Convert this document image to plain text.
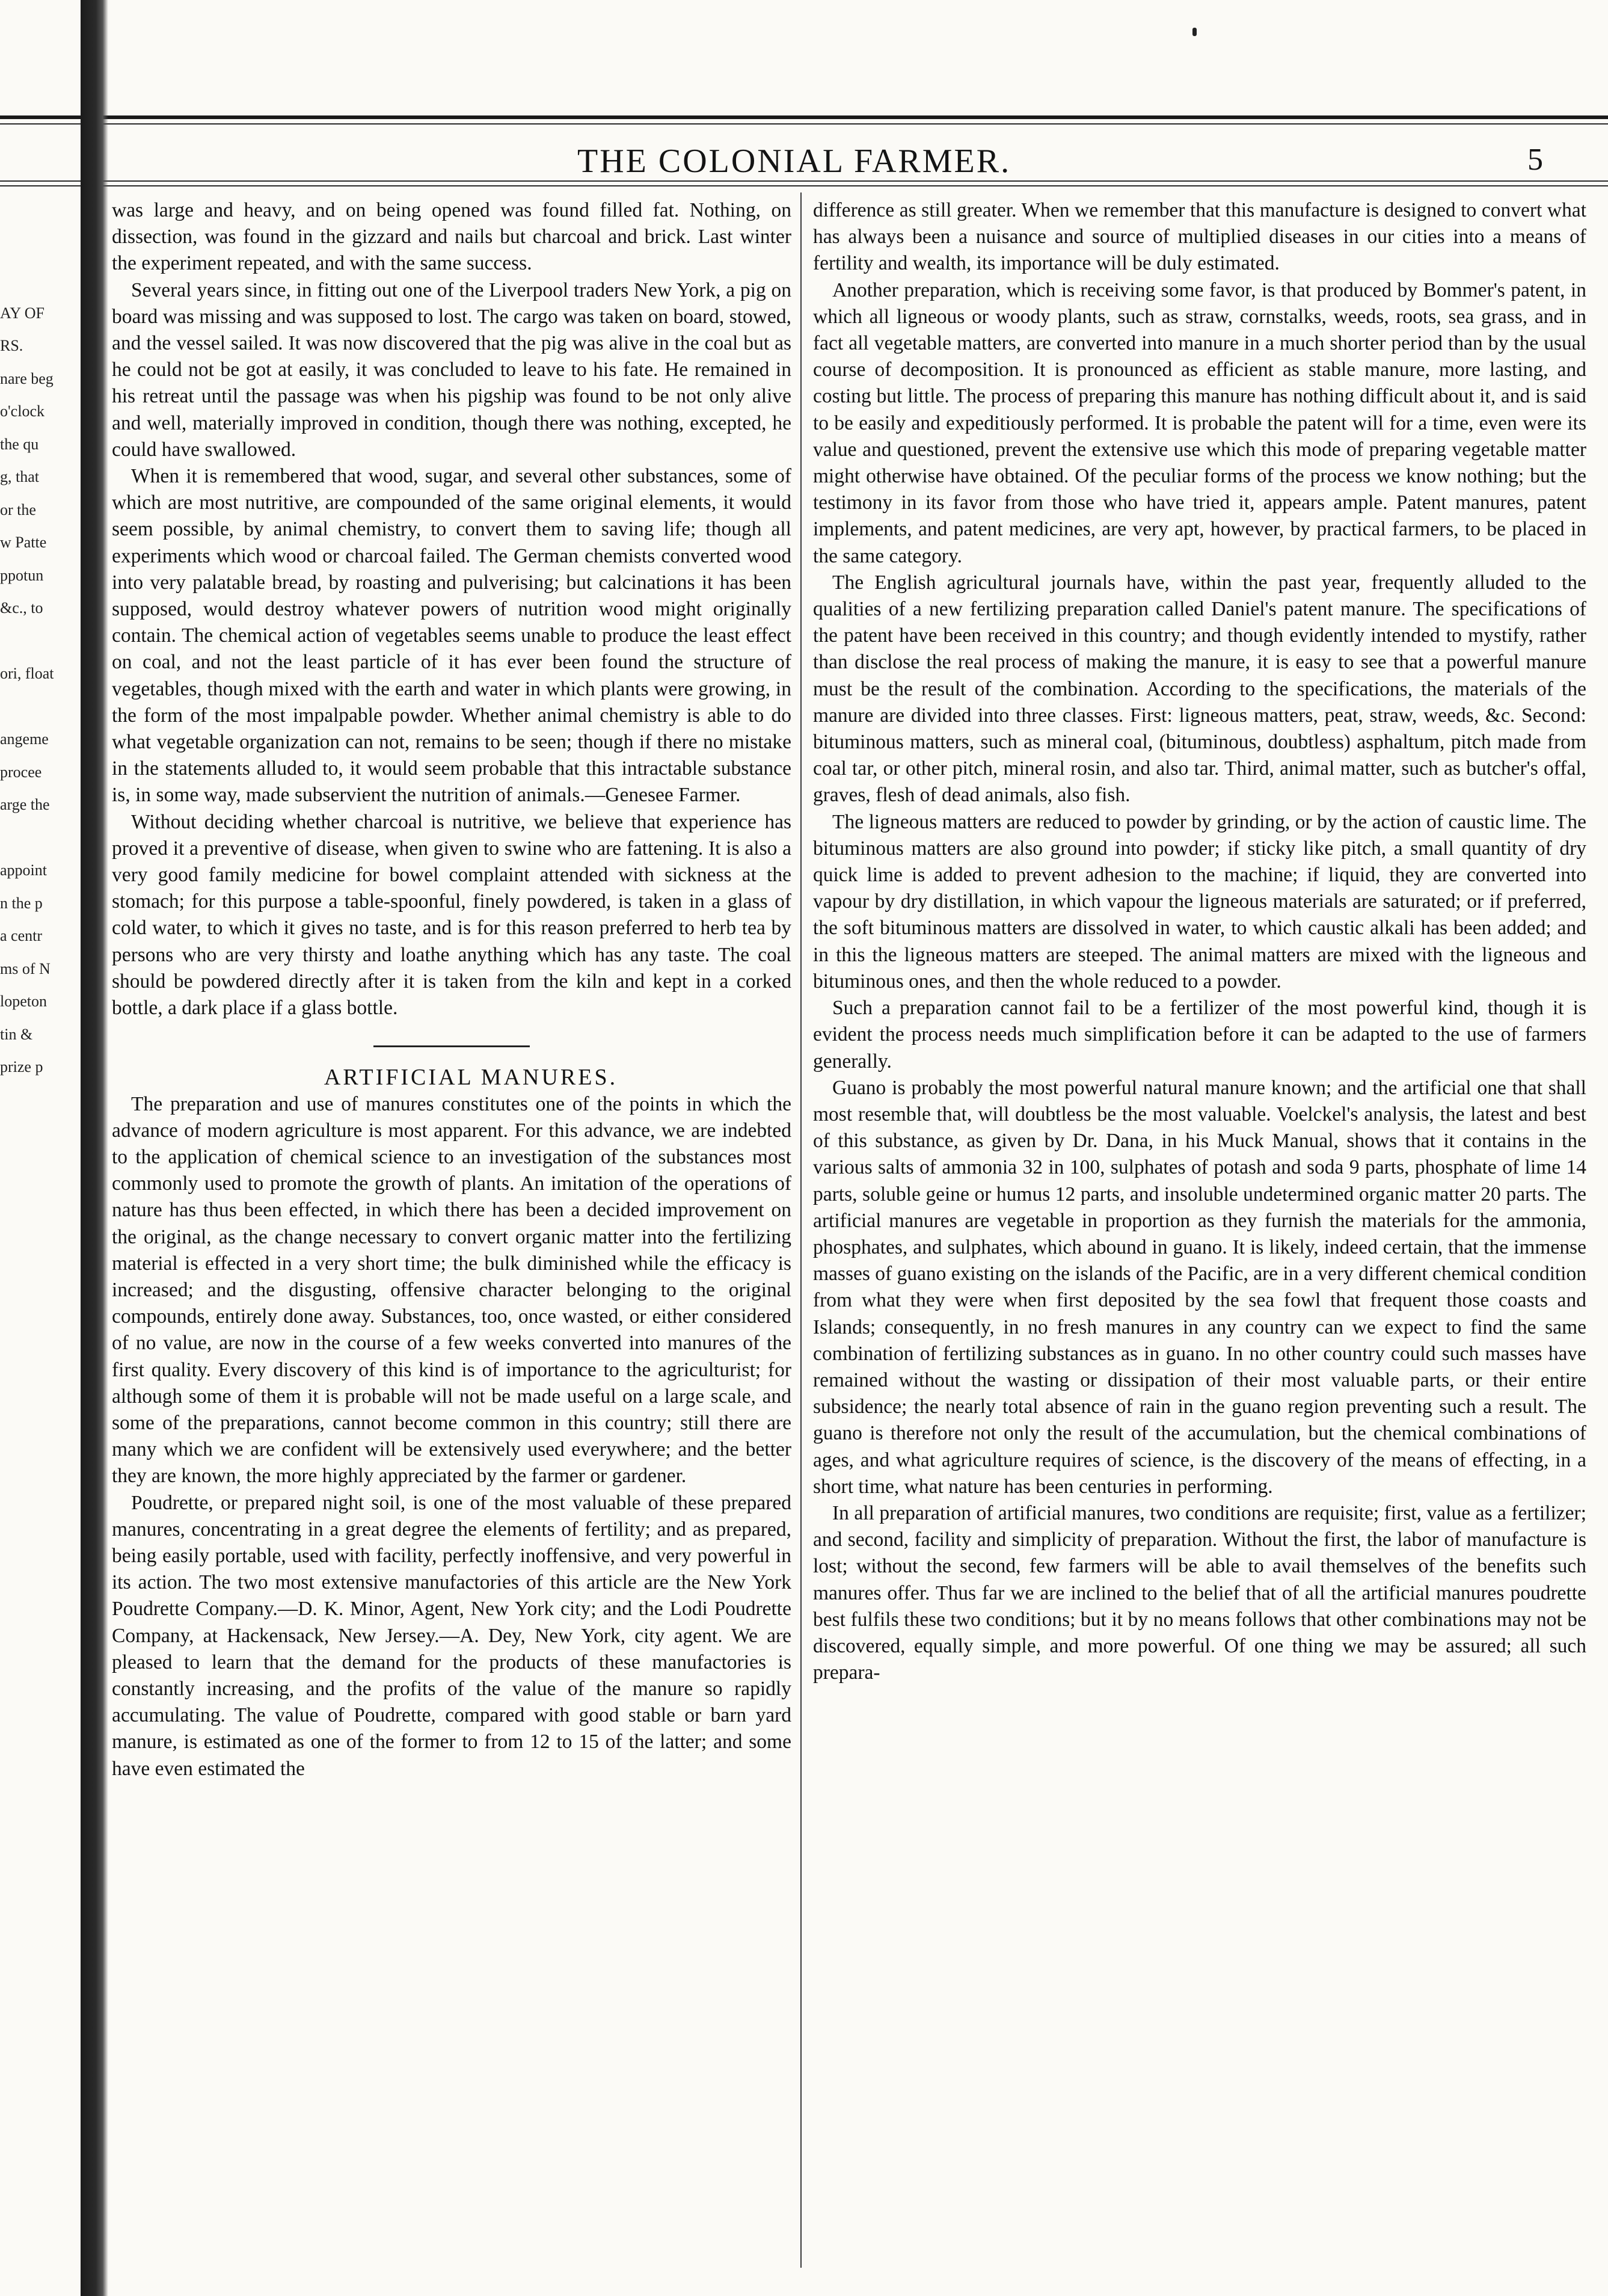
THE COLONIAL FARMER.	5
AY OF
RS.
nare beg
o'clock
the qu
g, that
or the
w Patte
ppotun
&c., to
ori, float
angeme
procee
arge the
appoint
n the p
a centr
ms of N
lopeton
tin &
prize p

was large and heavy, and on being opened was found filled fat. Nothing, on dissection, was found in the gizzard and nails but charcoal and brick. Last winter the experiment repeated, and with the same success.

Several years since, in fitting out one of the Liverpool traders New York, a pig on board was missing and was supposed to lost. The cargo was taken on board, stowed, and the vessel sailed. It was now discovered that the pig was alive in the coal but as he could not be got at easily, it was concluded to leave to his fate. He remained in his retreat until the passage was when his pigship was found to be not only alive and well, materially improved in condition, though there was nothing, excepted, he could have swallowed.

When it is remembered that wood, sugar, and several other substances, some of which are most nutritive, are compounded of the same original elements, it would seem possible, by animal chemistry, to convert them to saving life; though all experiments which wood or charcoal failed. The German chemists converted wood into very palatable bread, by roasting and pulverising; but calcinations it has been supposed, would destroy whatever powers of nutrition wood might originally contain. The chemical action of vegetables seems unable to produce the least effect on coal, and not the least particle of it has ever been found the structure of vegetables, though mixed with the earth and water in which plants were growing, in the form of the most impalpable powder. Whether animal chemistry is able to do what vegetable organization can not, remains to be seen; though if there no mistake in the statements alluded to, it would seem probable that this intractable substance is, in some way, made subservient the nutrition of animals.—Genesee Farmer.

Without deciding whether charcoal is nutritive, we believe that experience has proved it a preventive of disease, when given to swine who are fattening. It is also a very good family medicine for bowel complaint attended with sickness at the stomach; for this purpose a table-spoonful, finely powdered, is taken in a glass of cold water, to which it gives no taste, and is for this reason preferred to herb tea by persons who are very thirsty and loathe anything which has any taste. The coal should be powdered directly after it is taken from the kiln and kept in a corked bottle, a dark place if a glass bottle.

ARTIFICIAL MANURES.

The preparation and use of manures constitutes one of the points in which the advance of modern agriculture is most apparent. For this advance, we are indebted to the application of chemical science to an investigation of the substances most commonly used to promote the growth of plants. An imitation of the operations of nature has thus been effected, in which there has been a decided improvement on the original, as the change necessary to convert organic matter into the fertilizing material is effected in a very short time; the bulk diminished while the efficacy is increased; and the disgusting, offensive character belonging to the original compounds, entirely done away. Substances, too, once wasted, or either considered of no value, are now in the course of a few weeks converted into manures of the first quality. Every discovery of this kind is of importance to the agriculturist; for although some of them it is probable will not be made useful on a large scale, and some of the preparations, cannot become common in this country; still there are many which we are confident will be extensively used everywhere; and the better they are known, the more highly appreciated by the farmer or gardener.

Poudrette, or prepared night soil, is one of the most valuable of these prepared manures, concentrating in a great degree the elements of fertility; and as prepared, being easily portable, used with facility, perfectly inoffensive, and very powerful in its action. The two most extensive manufactories of this article are the New York Poudrette Company.—D. K. Minor, Agent, New York city; and the Lodi Poudrette Company, at Hackensack, New Jersey.—A. Dey, New York, city agent. We are pleased to learn that the demand for the products of these manufactories is constantly increasing, and the profits of the value of the manure so rapidly accumulating. The value of Poudrette, compared with good stable or barn yard manure, is estimated as one of the former to from 12 to 15 of the latter; and some have even estimated the

difference as still greater. When we remember that this manufacture is designed to convert what has always been a nuisance and source of multiplied diseases in our cities into a means of fertility and wealth, its importance will be duly estimated.

Another preparation, which is receiving some favor, is that produced by Bommer's patent, in which all ligneous or woody plants, such as straw, cornstalks, weeds, roots, sea grass, and in fact all vegetable matters, are converted into manure in a much shorter period than by the usual course of decomposition. It is pronounced as efficient as stable manure, more lasting, and costing but little. The process of preparing this manure has nothing difficult about it, and is said to be easily and expeditiously performed. It is probable the patent will for a time, even were its value and questioned, prevent the extensive use which this mode of preparing vegetable matter might otherwise have obtained. Of the peculiar forms of the process we know nothing; but the testimony in its favor from those who have tried it, appears ample. Patent manures, patent implements, and patent medicines, are very apt, however, by practical farmers, to be placed in the same category.

The English agricultural journals have, within the past year, frequently alluded to the qualities of a new fertilizing preparation called Daniel's patent manure. The specifications of the patent have been received in this country; and though evidently intended to mystify, rather than disclose the real process of making the manure, it is easy to see that a powerful manure must be the result of the combination. According to the specifications, the materials of the manure are divided into three classes. First: ligneous matters, peat, straw, weeds, &c. Second: bituminous matters, such as mineral coal, (bituminous, doubtless) asphaltum, pitch made from coal tar, or other pitch, mineral rosin, and also tar. Third, animal matter, such as butcher's offal, graves, flesh of dead animals, also fish.

The ligneous matters are reduced to powder by grinding, or by the action of caustic lime. The bituminous matters are also ground into powder; if sticky like pitch, a small quantity of dry quick lime is added to prevent adhesion to the machine; if liquid, they are converted into vapour by dry distillation, in which vapour the ligneous materials are saturated; or if preferred, the soft bituminous matters are dissolved in water, to which caustic alkali has been added; and in this the ligneous matters are steeped. The animal matters are mixed with the ligneous and bituminous ones, and then the whole reduced to a powder.

Such a preparation cannot fail to be a fertilizer of the most powerful kind, though it is evident the process needs much simplification before it can be adapted to the use of farmers generally.

Guano is probably the most powerful natural manure known; and the artificial one that shall most resemble that, will doubtless be the most valuable. Voelckel's analysis, the latest and best of this substance, as given by Dr. Dana, in his Muck Manual, shows that it contains in the various salts of ammonia 32 in 100, sulphates of potash and soda 9 parts, phosphate of lime 14 parts, soluble geine or humus 12 parts, and insoluble undetermined organic matter 20 parts. The artificial manures are vegetable in proportion as they furnish the materials for the ammonia, phosphates, and sulphates, which abound in guano. It is likely, indeed certain, that the immense masses of guano existing on the islands of the Pacific, are in a very different chemical condition from what they were when first deposited by the sea fowl that frequent those coasts and Islands; consequently, in no fresh manures in any country can we expect to find the same combination of fertilizing substances as in guano. In no other country could such masses have remained without the wasting or dissipation of their most valuable parts, or their entire subsidence; the nearly total absence of rain in the guano region preventing such a result. The guano is therefore not only the result of the accumulation, but the chemical combinations of ages, and what agriculture requires of science, is the discovery of the means of effecting, in a short time, what nature has been centuries in performing.

In all preparation of artificial manures, two conditions are requisite; first, value as a fertilizer; and second, facility and simplicity of preparation. Without the first, the labor of manufacture is lost; without the second, few farmers will be able to avail themselves of the benefits such manures offer. Thus far we are inclined to the belief that of all the artificial manures poudrette best fulfils these two conditions; but it by no means follows that other combinations may not be discovered, equally simple, and more powerful. Of one thing we may be assured; all such prepara-
